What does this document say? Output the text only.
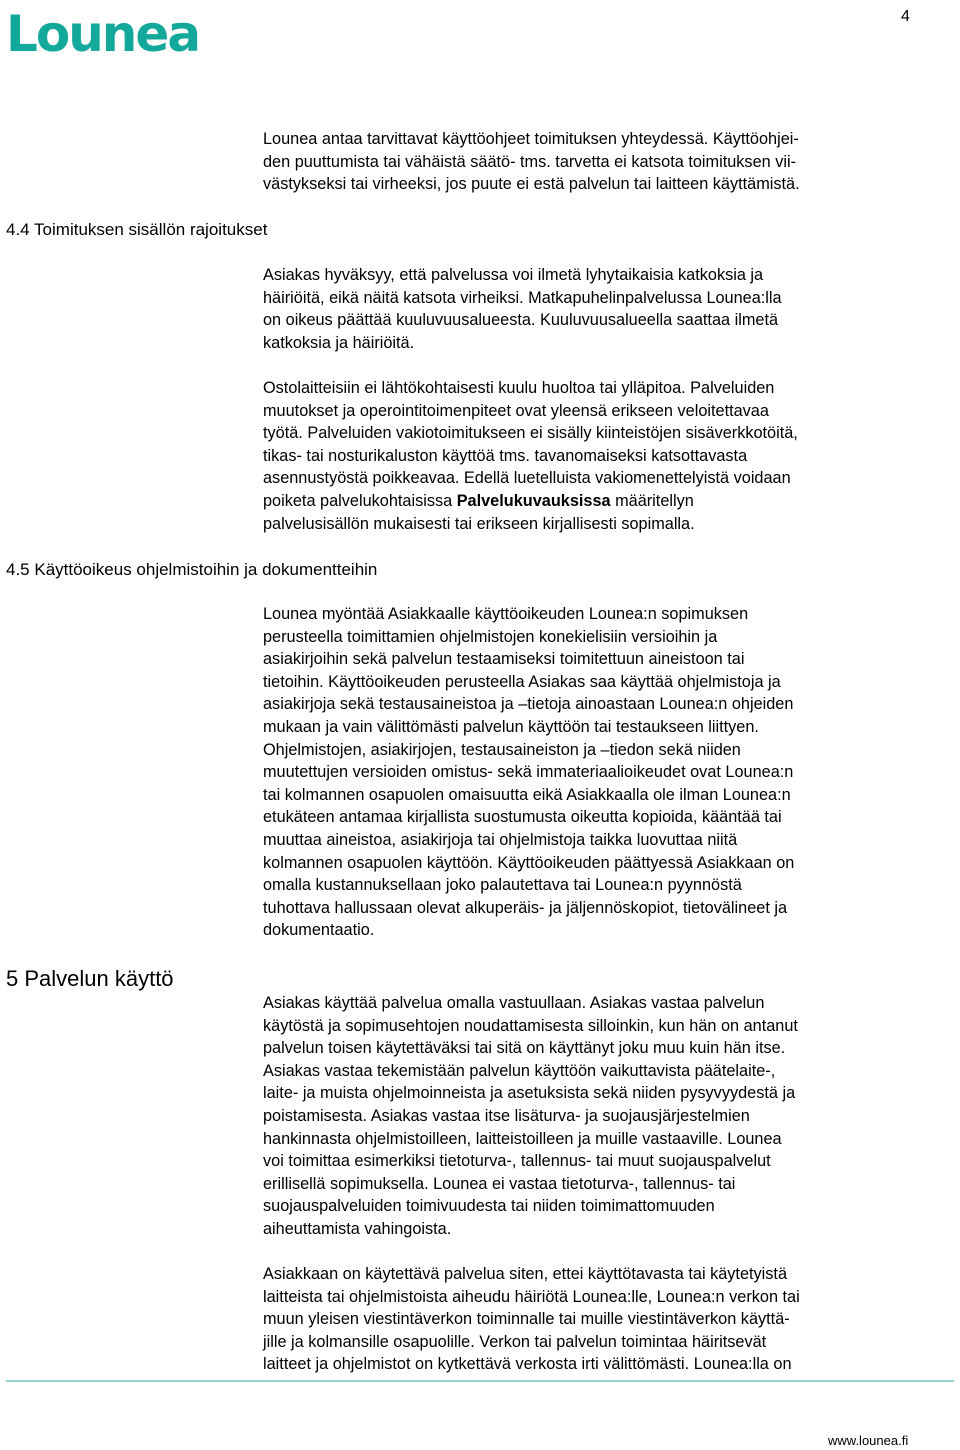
Lounea	4
Lounea antaa tarvittavat käyttöohjeet toimituksen yhteydessä. Käyttöohjei-
den puuttumista tai vähäistä säätö- tms. tarvetta ei katsota toimituksen vii-
västykseksi tai virheeksi, jos puute ei estä palvelun tai laitteen käyttämistä.
4.4 Toimituksen sisällön rajoitukset
Asiakas hyväksyy, että palvelussa voi ilmetä lyhytaikaisia katkoksia ja
häiriöitä, eikä näitä katsota virheiksi. Matkapuhelinpalvelussa Lounea:lla
on oikeus päättää kuuluvuusalueesta. Kuuluvuusalueella saattaa ilmetä
katkoksia ja häiriöitä.
Ostolaitteisiin ei lähtökohtaisesti kuulu huoltoa tai ylläpitoa. Palveluiden
muutokset ja operointitoimenpiteet ovat yleensä erikseen veloitettavaa
työtä. Palveluiden vakiotoimitukseen ei sisälly kiinteistöjen sisäverkkotöitä,
tikas- tai nosturikaluston käyttöä tms. tavanomaiseksi katsottavasta
asennustyöstä poikkeavaa. Edellä luetelluista vakiomenettelyistä voidaan
poiketa palvelukohtaisissa Palvelukuvauksissa määritellyn
palvelusisällön mukaisesti tai erikseen kirjallisesti sopimalla.
4.5 Käyttöoikeus ohjelmistoihin ja dokumentteihin
Lounea myöntää Asiakkaalle käyttöoikeuden Lounea:n sopimuksen
perusteella toimittamien ohjelmistojen konekielisiin versioihin ja
asiakirjoihin sekä palvelun testaamiseksi toimitettuun aineistoon tai
tietoihin. Käyttöoikeuden perusteella Asiakas saa käyttää ohjelmistoja ja
asiakirjoja sekä testausaineistoa ja –tietoja ainoastaan Lounea:n ohjeiden
mukaan ja vain välittömästi palvelun käyttöön tai testaukseen liittyen.
Ohjelmistojen, asiakirjojen, testausaineiston ja –tiedon sekä niiden
muutettujen versioiden omistus- sekä immateriaalioikeudet ovat Lounea:n
tai kolmannen osapuolen omaisuutta eikä Asiakkaalla ole ilman Lounea:n
etukäteen antamaa kirjallista suostumusta oikeutta kopioida, kääntää tai
muuttaa aineistoa, asiakirjoja tai ohjelmistoja taikka luovuttaa niitä
kolmannen osapuolen käyttöön. Käyttöoikeuden päättyessä Asiakkaan on
omalla kustannuksellaan joko palautettava tai Lounea:n pyynnöstä
tuhottava hallussaan olevat alkuperäis- ja jäljennöskopiot, tietovälineet ja
dokumentaatio.
5 Palvelun käyttö
Asiakas käyttää palvelua omalla vastuullaan. Asiakas vastaa palvelun
käytöstä ja sopimusehtojen noudattamisesta silloinkin, kun hän on antanut
palvelun toisen käytettäväksi tai sitä on käyttänyt joku muu kuin hän itse.
Asiakas vastaa tekemistään palvelun käyttöön vaikuttavista päätelaite-,
laite- ja muista ohjelmoinneista ja asetuksista sekä niiden pysyvyydestä ja
poistamisesta. Asiakas vastaa itse lisäturva- ja suojausjärjestelmien
hankinnasta ohjelmistoilleen, laitteistoilleen ja muille vastaaville. Lounea
voi toimittaa esimerkiksi tietoturva-, tallennus- tai muut suojauspalvelut
erillisellä sopimuksella. Lounea ei vastaa tietoturva-, tallennus- tai
suojauspalveluiden toimivuudesta tai niiden toimimattomuuden
aiheuttamista vahingoista.
Asiakkaan on käytettävä palvelua siten, ettei käyttötavasta tai käytetyistä
laitteista tai ohjelmistoista aiheudu häiriötä Lounea:lle, Lounea:n verkon tai
muun yleisen viestintäverkon toiminnalle tai muille viestintäverkon käyttä-
jille ja kolmansille osapuolille. Verkon tai palvelun toimintaa häiritsevät
laitteet ja ohjelmistot on kytkettävä verkosta irti välittömästi. Lounea:lla on
www.lounea.fi
